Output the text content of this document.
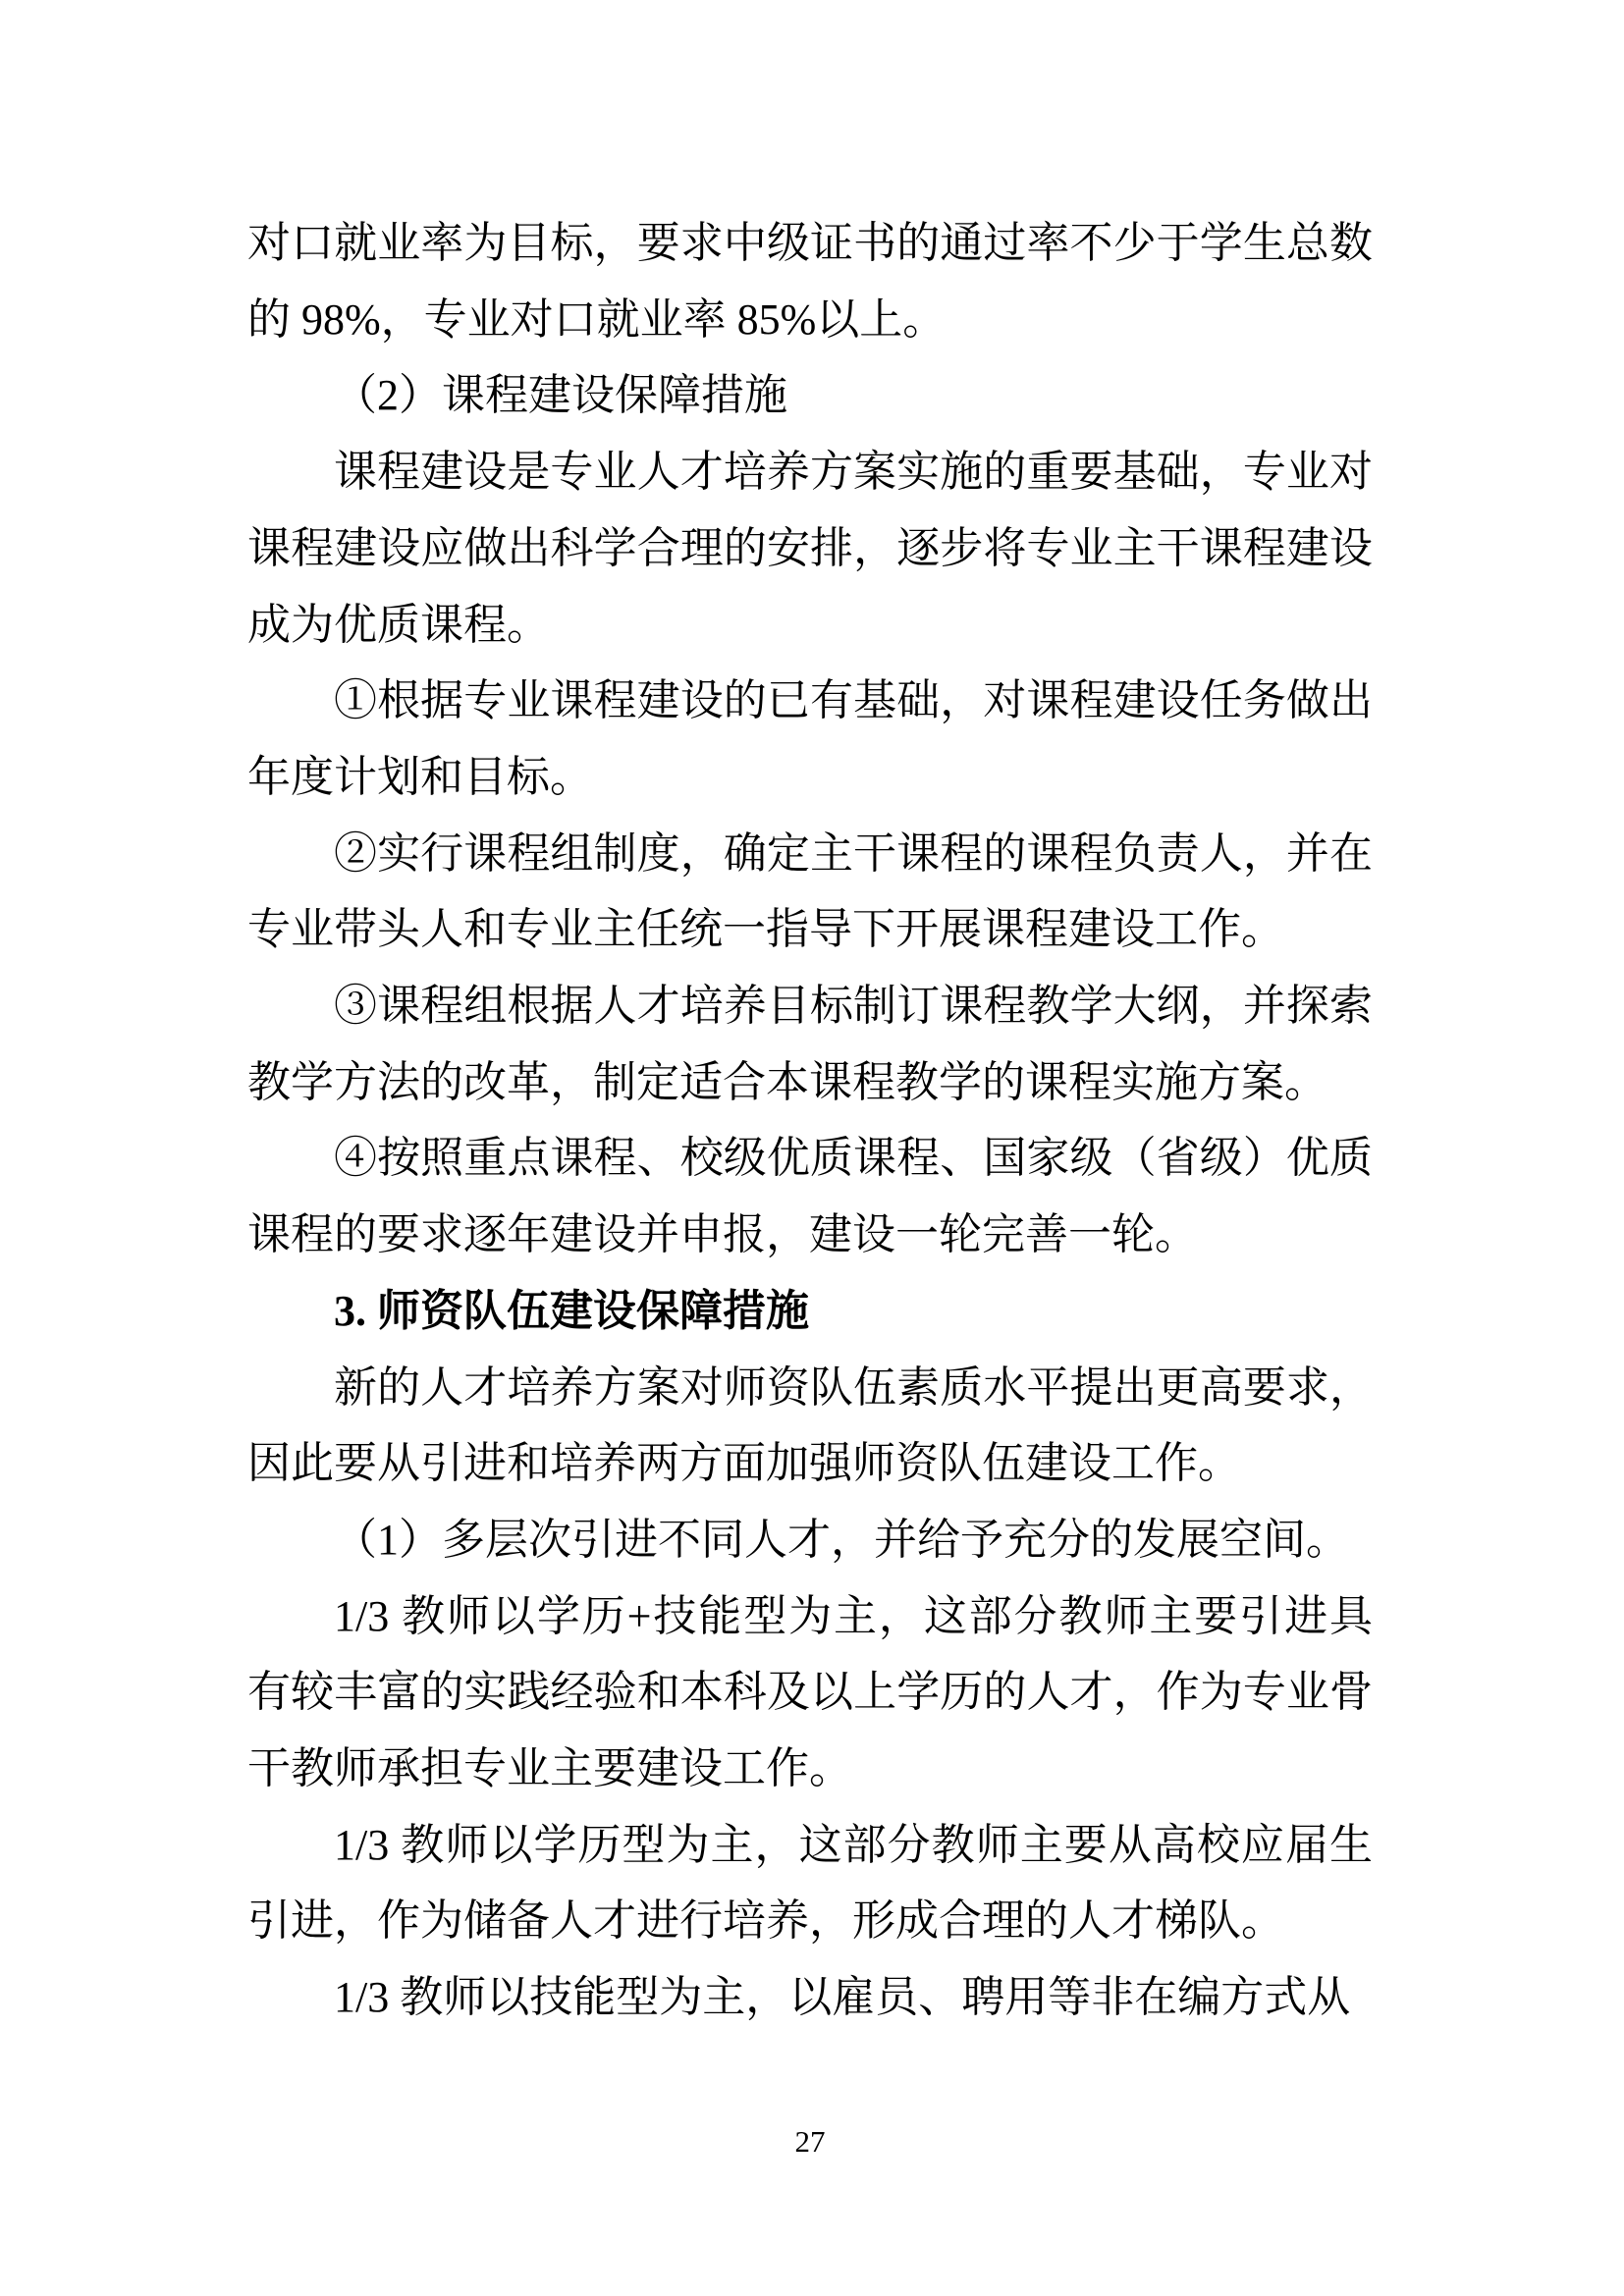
对口就业率为目标，要求中级证书的通过率不少于学生总数的 98%，专业对口就业率 85%以上。

（2）课程建设保障措施

课程建设是专业人才培养方案实施的重要基础，专业对课程建设应做出科学合理的安排，逐步将专业主干课程建设成为优质课程。

①根据专业课程建设的已有基础，对课程建设任务做出年度计划和目标。

②实行课程组制度，确定主干课程的课程负责人，并在专业带头人和专业主任统一指导下开展课程建设工作。

③课程组根据人才培养目标制订课程教学大纲，并探索教学方法的改革，制定适合本课程教学的课程实施方案。

④按照重点课程、校级优质课程、国家级（省级）优质课程的要求逐年建设并申报，建设一轮完善一轮。

3. 师资队伍建设保障措施

新的人才培养方案对师资队伍素质水平提出更高要求，因此要从引进和培养两方面加强师资队伍建设工作。

（1）多层次引进不同人才，并给予充分的发展空间。

1/3 教师以学历+技能型为主，这部分教师主要引进具有较丰富的实践经验和本科及以上学历的人才，作为专业骨干教师承担专业主要建设工作。

1/3 教师以学历型为主，这部分教师主要从高校应届生引进，作为储备人才进行培养，形成合理的人才梯队。

1/3 教师以技能型为主，以雇员、聘用等非在编方式从

27
